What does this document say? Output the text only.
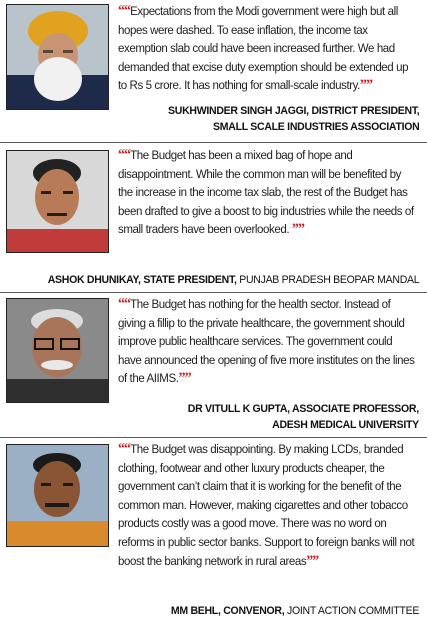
““Expectations from the Modi government were high but all hopes were dashed. To ease inflation, the income tax exemption slab could have been increased further. We had demanded that excise duty exemption should be extended up to Rs 5 crore. It has nothing for small-scale industry.””
SUKHWINDER SINGH JAGGI, DISTRICT PRESIDENT,
SMALL SCALE INDUSTRIES ASSOCIATION
““The Budget has been a mixed bag of hope and disappointment. While the common man will be benefited by the increase in the income tax slab, the rest of the Budget has been drafted to give a boost to big industries while the needs of small traders have been overlooked. ””
ASHOK DHUNIKAY, STATE PRESIDENT, PUNJAB PRADESH BEOPAR MANDAL
““The Budget has nothing for the health sector. Instead of giving a fillip to the private healthcare, the government should improve public healthcare services. The government could have announced the opening of five more institutes on the lines of the AIIMS.””
DR VITULL K GUPTA, ASSOCIATE PROFESSOR,
ADESH MEDICAL UNIVERSITY
““The Budget was disappointing. By making LCDs, branded clothing, footwear and other luxury products cheaper, the government can’t claim that it is working for the benefit of the common man. However, making cigarettes and other tobacco products costly was a good move. There was no word on reforms in public sector banks. Support to foreign banks will not boost the banking network in rural areas””
MM BEHL, CONVENOR, JOINT ACTION COMMITTEE
